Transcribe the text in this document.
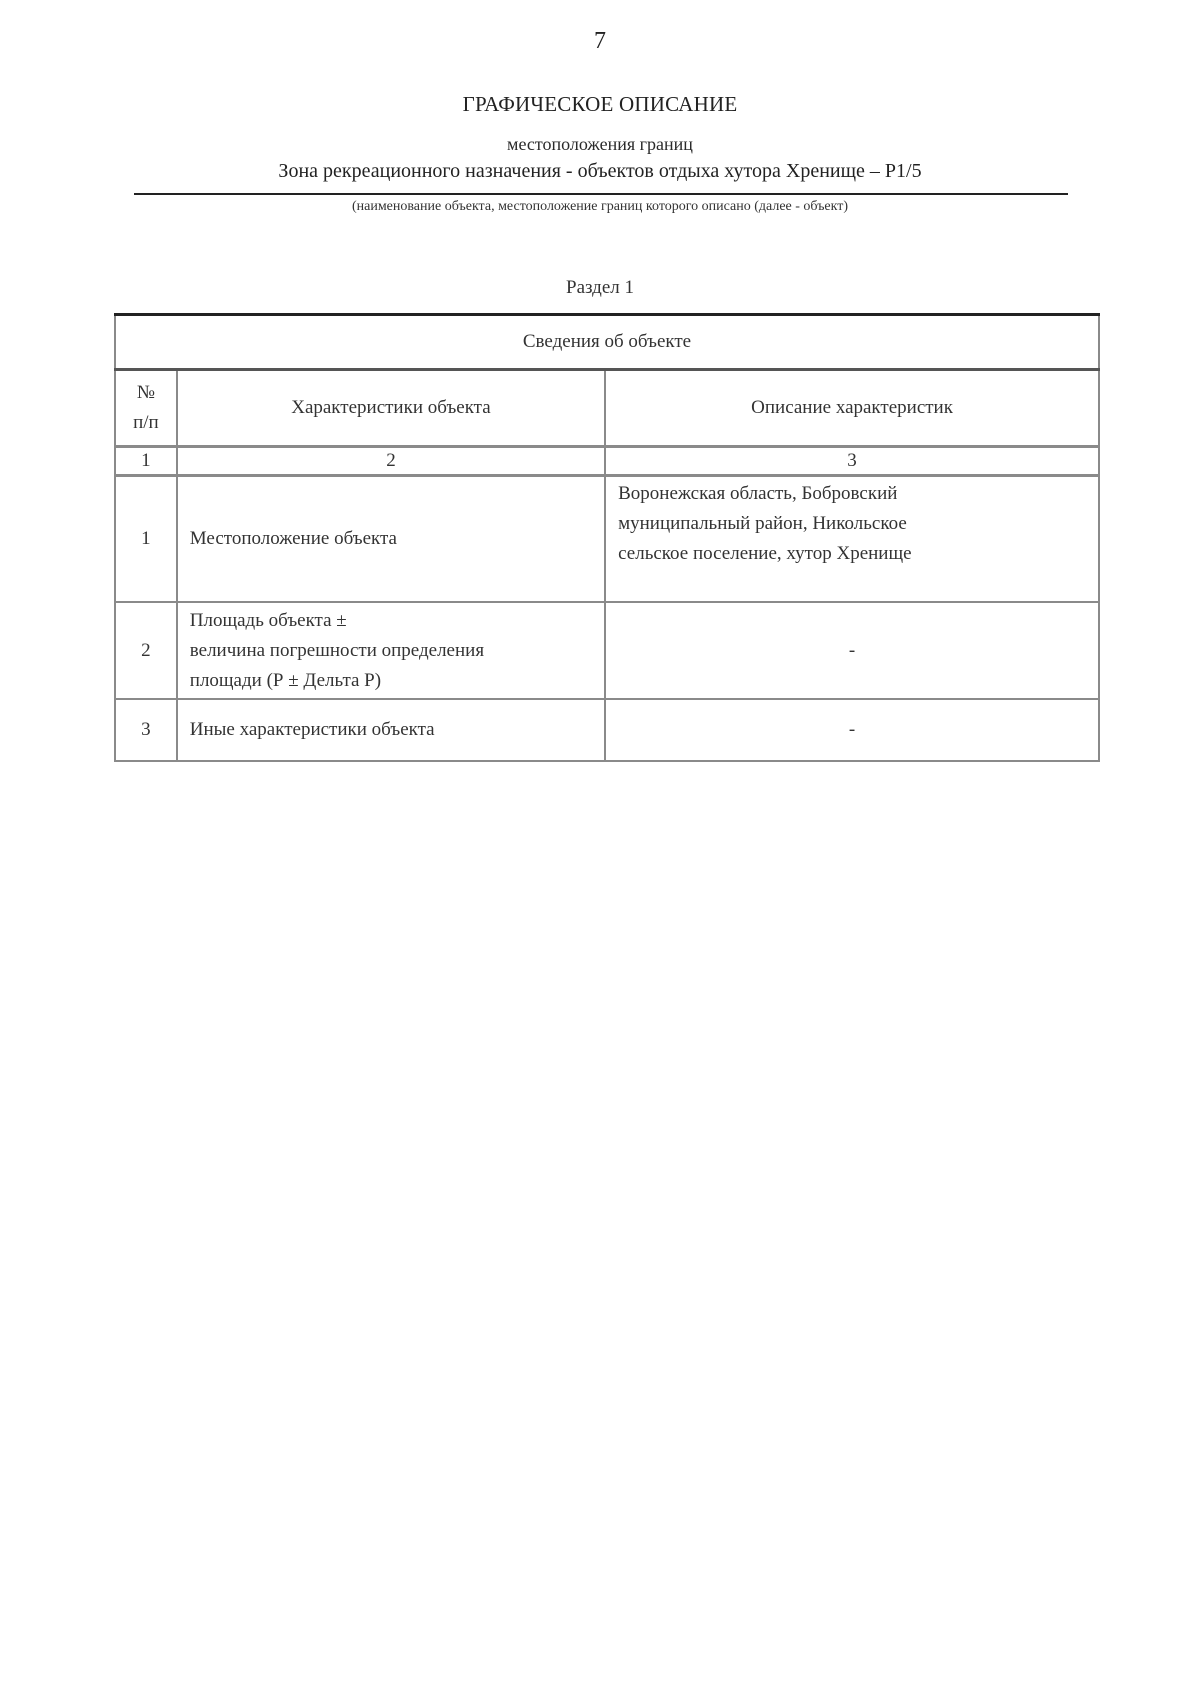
7
ГРАФИЧЕСКОЕ ОПИСАНИЕ
местоположения границ
Зона рекреационного назначения - объектов отдыха хутора Хренище – Р1/5
(наименование объекта, местоположение границ которого описано (далее - объект)
Раздел 1
Сведения об объекте		

№
п/п	Характеристики объекта	Описание характеристик
1	2	3
1	Местоположение объекта	Воронежская область, Бобровский
муниципальный район, Никольское
сельское поселение, хутор Хренище

2	Площадь объекта ±
величина погрешности определения
площади (Р ± Дельта Р)	-

3	Иные характеристики объекта	-
